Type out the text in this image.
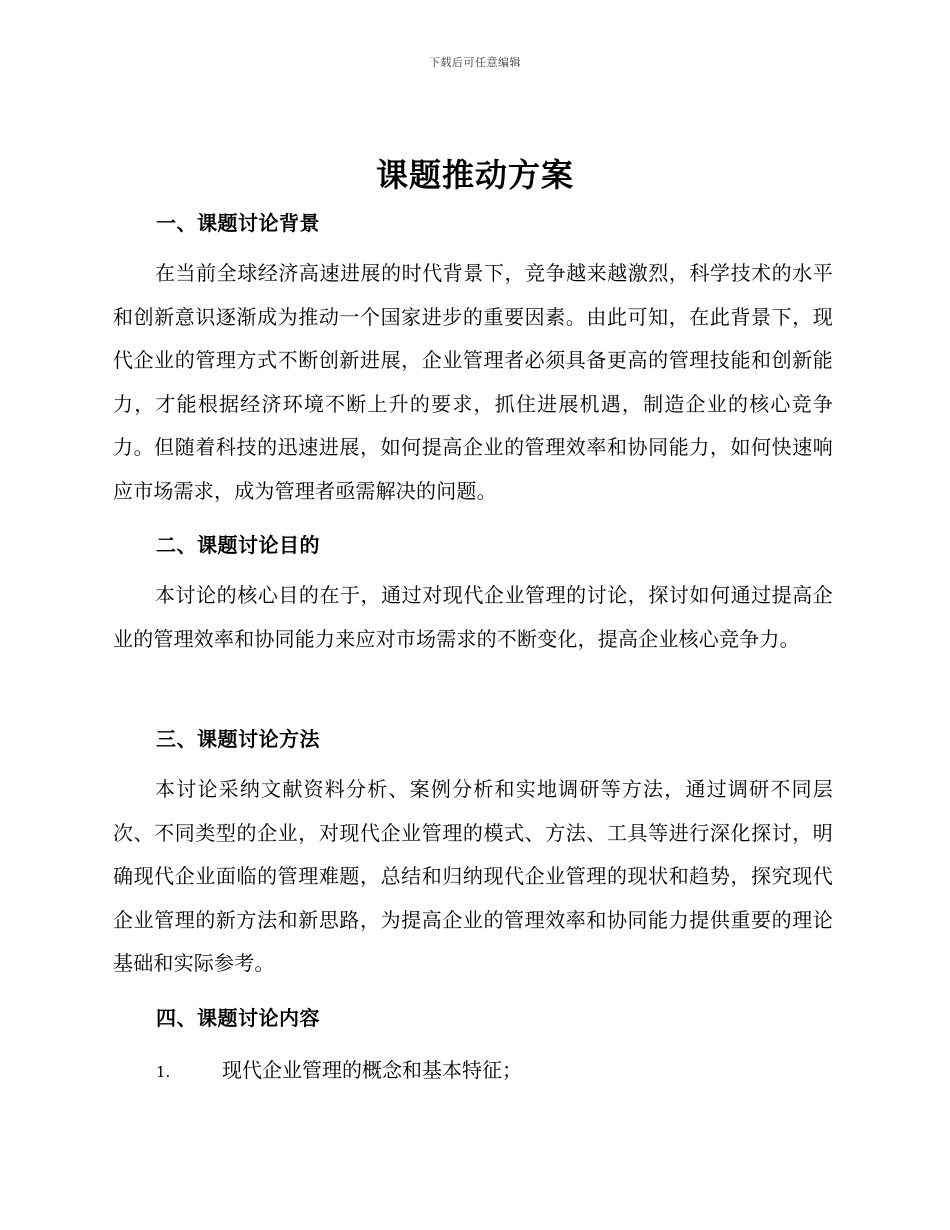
下载后可任意编辑
课题推动方案
一、课题讨论背景
在当前全球经济高速进展的时代背景下，竞争越来越激烈，科学技术的水平和创新意识逐渐成为推动一个国家进步的重要因素。由此可知，在此背景下，现代企业的管理方式不断创新进展，企业管理者必须具备更高的管理技能和创新能力，才能根据经济环境不断上升的要求，抓住进展机遇，制造企业的核心竞争力。但随着科技的迅速进展，如何提高企业的管理效率和协同能力，如何快速响应市场需求，成为管理者亟需解决的问题。
二、课题讨论目的
本讨论的核心目的在于，通过对现代企业管理的讨论，探讨如何通过提高企业的管理效率和协同能力来应对市场需求的不断变化，提高企业核心竞争力。
三、课题讨论方法
本讨论采纳文献资料分析、案例分析和实地调研等方法，通过调研不同层次、不同类型的企业，对现代企业管理的模式、方法、工具等进行深化探讨，明确现代企业面临的管理难题，总结和归纳现代企业管理的现状和趋势，探究现代企业管理的新方法和新思路，为提高企业的管理效率和协同能力提供重要的理论基础和实际参考。
四、课题讨论内容
1.	现代企业管理的概念和基本特征；
